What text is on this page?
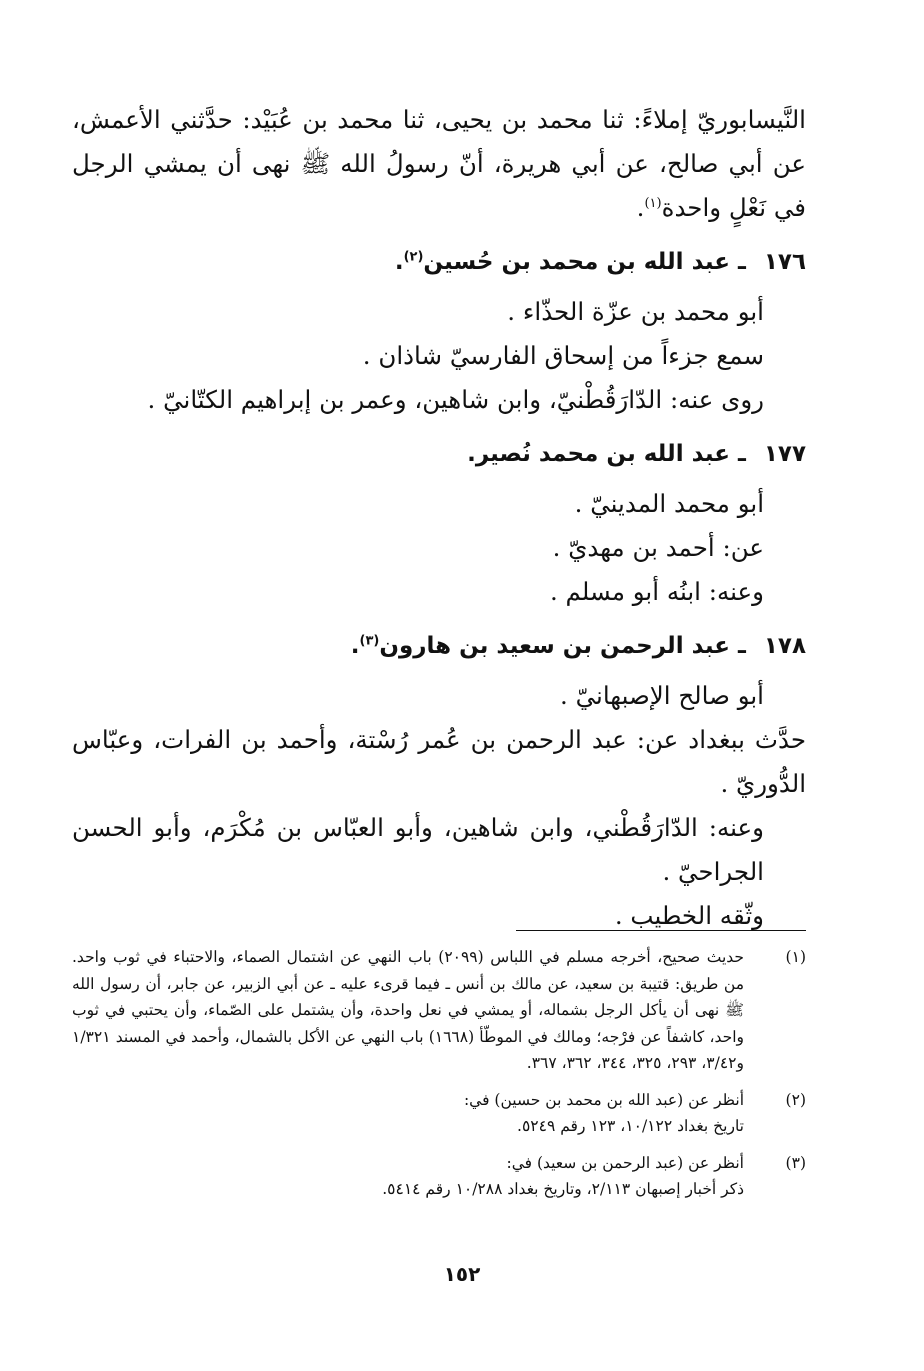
النَّيسابوريّ إملاءً: ثنا محمد بن يحيى، ثنا محمد بن عُبَيْد: حدَّثني الأعمش، عن أبي صالح، عن أبي هريرة، أنّ رسولُ الله ﷺ نهى أن يمشي الرجل في نَعْلٍ واحدة$^{(١)}$.

١٧٦ ـ عبد الله بن محمد بن حُسين$^{(٢)}$.

أبو محمد بن عزّة الحذّاء .

سمع جزءاً من إسحاق الفارسيّ شاذان .

روى عنه: الدّارَقُطْنيّ، وابن شاهين، وعمر بن إبراهيم الكتّانيّ .

١٧٧ ـ عبد الله بن محمد نُصير.

أبو محمد المدينيّ .

عن: أحمد بن مهديّ .

وعنه: ابنُه أبو مسلم .

١٧٨ ـ عبد الرحمن بن سعيد بن هارون$^{(٣)}$.

أبو صالح الإصبهانيّ .

حدَّث ببغداد عن: عبد الرحمن بن عُمر رُسْتة، وأحمد بن الفرات، وعبّاس الدُّوريّ .

وعنه: الدّارَقُطْني، وابن شاهين، وأبو العبّاس بن مُكْرَم، وأبو الحسن الجراحيّ .

وثّقه الخطيب .

(١)
حديث صحيح، أخرجه مسلم في اللباس (٢٠٩٩) باب النهي عن اشتمال الصماء، والاحتباء في ثوب واحد. من طريق: قتيبة بن سعيد، عن مالك بن أنس ـ فيما قرىء عليه ـ عن أبي الزبير، عن جابر، أن رسول الله ﷺ نهى أن يأكل الرجل بشماله، أو يمشي في نعل واحدة، وأن يشتمل على الصّماء، وأن يحتبي في ثوب واحد، كاشفاً عن فرْجه؛ ومالك في الموطّأ (١٦٦٨) باب النهي عن الأكل بالشمال، وأحمد في المسند ١/٣٢١ و٣/٤٢، ٢٩٣، ٣٢٥، ٣٤٤، ٣٦٢، ٣٦٧.
(٢)
أنظر عن (عبد الله بن محمد بن حسين) في:
تاريخ بغداد ١٠/١٢٢، ١٢٣ رقم ٥٢٤٩.
(٣)
أنظر عن (عبد الرحمن بن سعيد) في:
ذكر أخبار إصبهان ٢/١١٣، وتاريخ بغداد ١٠/٢٨٨ رقم ٥٤١٤.
١٥٢
